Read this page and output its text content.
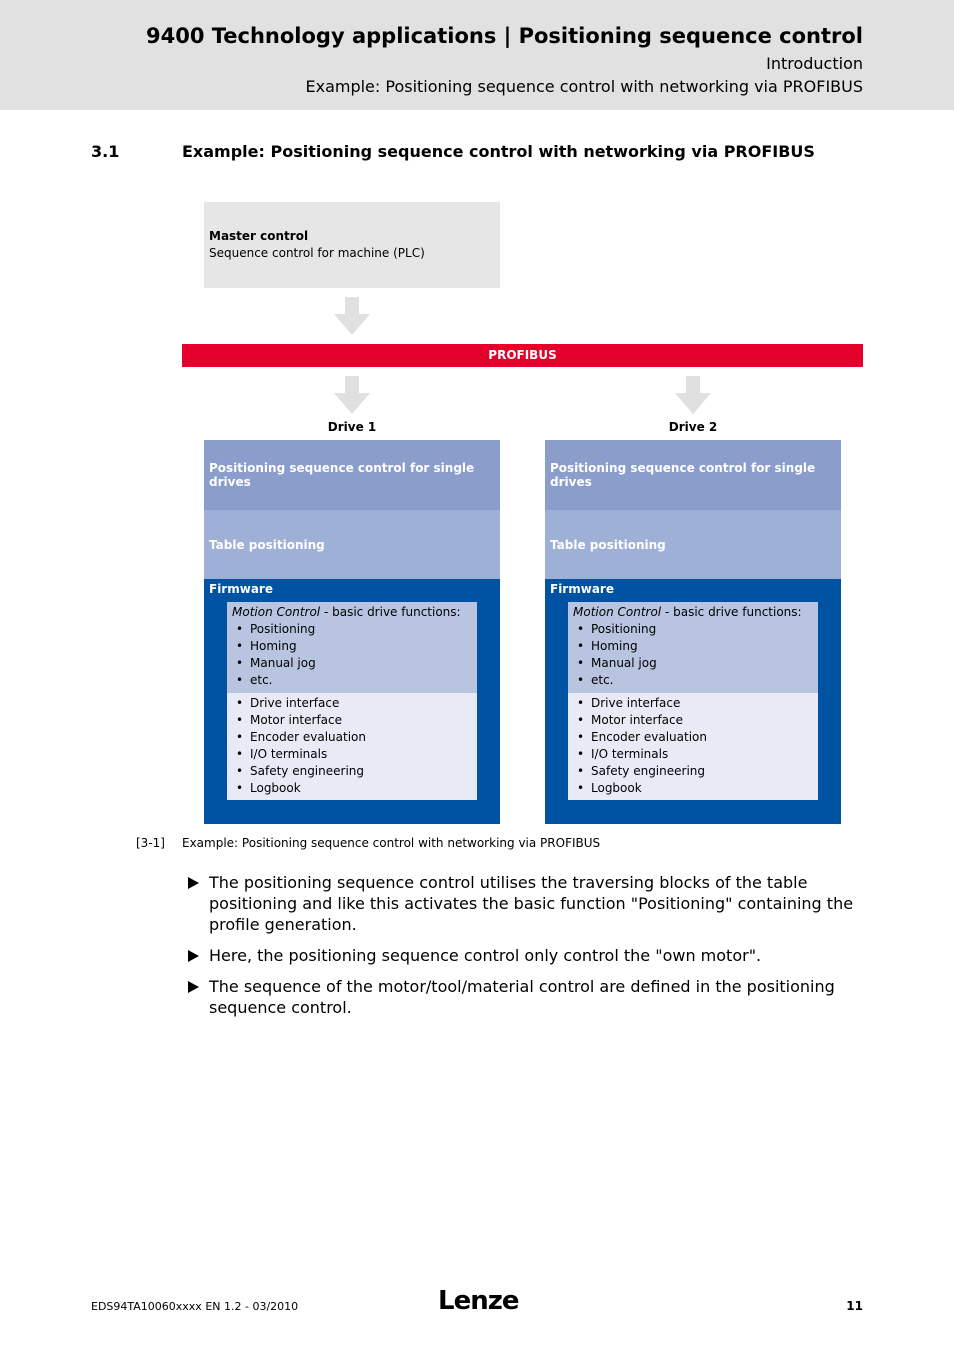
9400 Technology applications | Positioning sequence control
Introduction
Example: Positioning sequence control with networking via PROFIBUS
3.1	Example: Positioning sequence control with networking via PROFIBUS
Master control
Sequence control for machine (PLC)
PROFIBUS
Drive 1	Drive 2
Positioning sequence control for single drives
Table positioning
Firmware
Motion Control - basic drive functions:
• Positioning
• Homing
• Manual jog
• etc.
• Drive interface
• Motor interface
• Encoder evaluation
• I/O terminals
• Safety engineering
• Logbook
Positioning sequence control for single drives
Table positioning
Firmware
Motion Control - basic drive functions:
• Positioning
• Homing
• Manual jog
• etc.
• Drive interface
• Motor interface
• Encoder evaluation
• I/O terminals
• Safety engineering
• Logbook
[3-1] Example: Positioning sequence control with networking via PROFIBUS
The positioning sequence control utilises the traversing blocks of the table positioning and like this activates the basic function "Positioning" containing the profile generation.
Here, the positioning sequence control only control the "own motor".
The sequence of the motor/tool/material control are defined in the positioning sequence control.
EDS94TA10060xxxx EN 1.2 - 03/2010	Lenze	11
